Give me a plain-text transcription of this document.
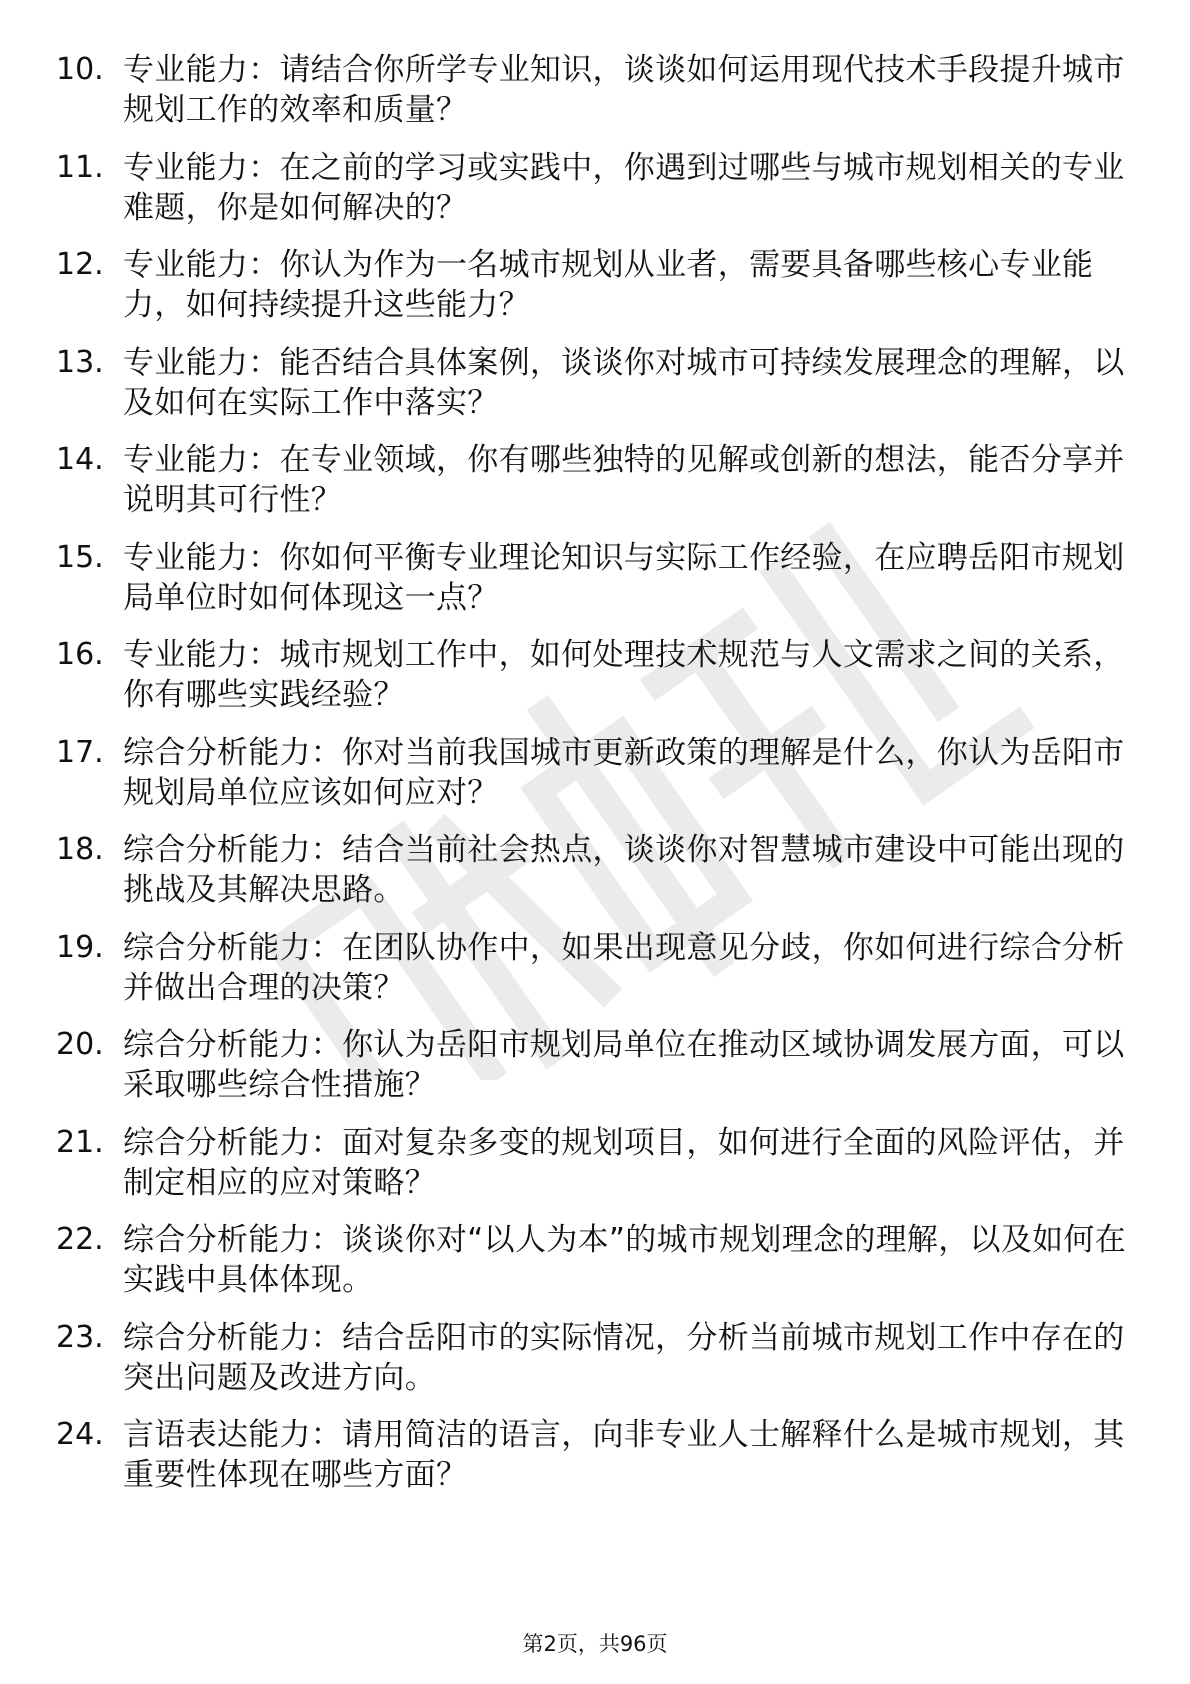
10. 专业能力：请结合你所学专业知识，谈谈如何运用现代技术手段提升城市规划工作的效率和质量？
11. 专业能力：在之前的学习或实践中，你遇到过哪些与城市规划相关的专业难题，你是如何解决的？
12. 专业能力：你认为作为一名城市规划从业者，需要具备哪些核心专业能力，如何持续提升这些能力？
13. 专业能力：能否结合具体案例，谈谈你对城市可持续发展理念的理解，以及如何在实际工作中落实？
14. 专业能力：在专业领域，你有哪些独特的见解或创新的想法，能否分享并说明其可行性？
15. 专业能力：你如何平衡专业理论知识与实际工作经验，在应聘岳阳市规划局单位时如何体现这一点？
16. 专业能力：城市规划工作中，如何处理技术规范与人文需求之间的关系，你有哪些实践经验？
17. 综合分析能力：你对当前我国城市更新政策的理解是什么，你认为岳阳市规划局单位应该如何应对？
18. 综合分析能力：结合当前社会热点，谈谈你对智慧城市建设中可能出现的挑战及其解决思路。
19. 综合分析能力：在团队协作中，如果出现意见分歧，你如何进行综合分析并做出合理的决策？
20. 综合分析能力：你认为岳阳市规划局单位在推动区域协调发展方面，可以采取哪些综合性措施？
21. 综合分析能力：面对复杂多变的规划项目，如何进行全面的风险评估，并制定相应的应对策略？
22. 综合分析能力：谈谈你对“以人为本”的城市规划理念的理解，以及如何在实践中具体体现。
23. 综合分析能力：结合岳阳市的实际情况，分析当前城市规划工作中存在的突出问题及改进方向。
24. 言语表达能力：请用简洁的语言，向非专业人士解释什么是城市规划，其重要性体现在哪些方面？
第2页，共96页
